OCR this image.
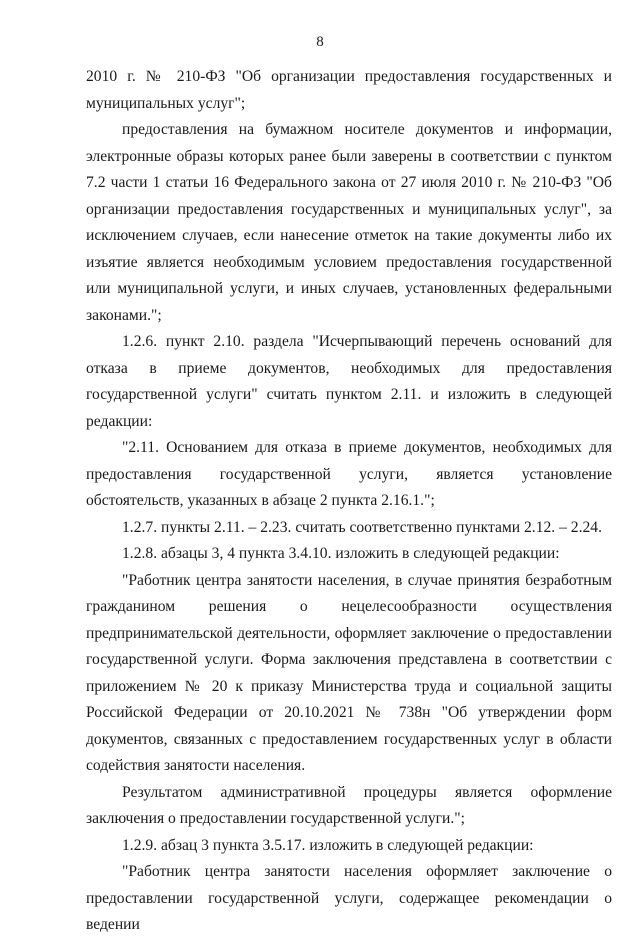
8

2010 г. № 210-ФЗ "Об организации предоставления государственных и муниципальных услуг";

предоставления на бумажном носителе документов и информации, электронные образы которых ранее были заверены в соответствии с пунктом 7.2 части 1 статьи 16 Федерального закона от 27 июля 2010 г. № 210-ФЗ "Об организации предоставления государственных и муниципальных услуг", за исключением случаев, если нанесение отметок на такие документы либо их изъятие является необходимым условием предоставления государственной или муниципальной услуги, и иных случаев, установленных федеральными законами.";

1.2.6. пункт 2.10. раздела "Исчерпывающий перечень оснований для отказа в приеме документов, необходимых для предоставления государственной услуги" считать пунктом 2.11. и изложить в следующей редакции:

"2.11. Основанием для отказа в приеме документов, необходимых для предоставления государственной услуги, является установление обстоятельств, указанных в абзаце 2 пункта 2.16.1.";

1.2.7. пункты 2.11. – 2.23. считать соответственно пунктами 2.12. – 2.24.

1.2.8. абзацы 3, 4 пункта 3.4.10. изложить в следующей редакции:

"Работник центра занятости населения, в случае принятия безработным гражданином решения о нецелесообразности осуществления предпринимательской деятельности, оформляет заключение о предоставлении государственной услуги. Форма заключения представлена в соответствии с приложением № 20 к приказу Министерства труда и социальной защиты Российской Федерации от 20.10.2021 № 738н "Об утверждении форм документов, связанных с предоставлением государственных услуг в области содействия занятости населения.

Результатом административной процедуры является оформление заключения о предоставлении государственной услуги.";

1.2.9. абзац 3 пункта 3.5.17. изложить в следующей редакции:

"Работник центра занятости населения оформляет заключение о предоставлении государственной услуги, содержащее рекомендации о ведении
